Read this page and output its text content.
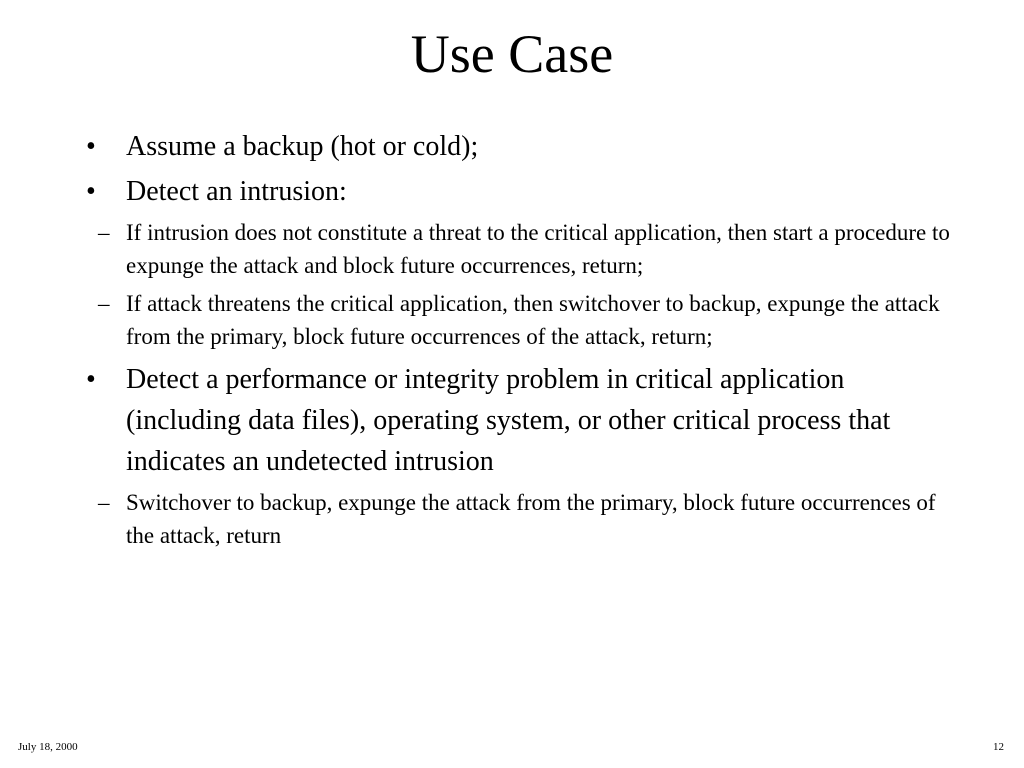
Use Case
• Assume a backup (hot or cold);
• Detect an intrusion:
– If intrusion does not constitute a threat to the critical application, then start a procedure to expunge the attack and block future occurrences, return;
– If attack threatens the critical application, then switchover to backup, expunge the attack from the primary, block future occurrences of the attack, return;
• Detect a performance or integrity problem in critical application (including data files), operating system, or other critical process that indicates an undetected intrusion
– Switchover to backup, expunge the attack from the primary, block future occurrences of the attack, return
July 18, 2000	12
